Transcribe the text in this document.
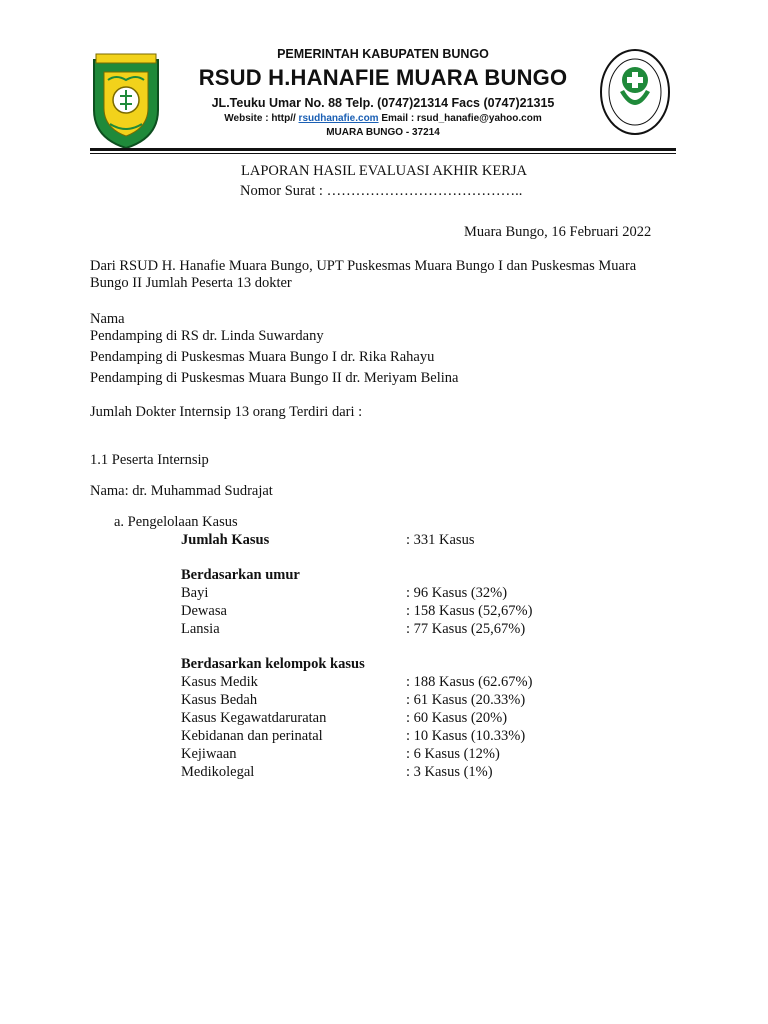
PEMERINTAH KABUPATEN BUNGO
RSUD H.HANAFIE MUARA BUNGO
JL.Teuku Umar No. 88 Telp. (0747)21314 Facs (0747)21315
Website : http// rsudhanafie.com Email : rsud_hanafie@yahoo.com
MUARA BUNGO - 37214
LAPORAN HASIL EVALUASI AKHIR KERJA
Nomor Surat : …………………………………..
Muara Bungo, 16 Februari 2022
Dari RSUD H. Hanafie Muara Bungo, UPT Puskesmas Muara Bungo I dan Puskesmas Muara
Bungo II Jumlah Peserta 13 dokter
Nama
Pendamping di RS dr. Linda Suwardany
Pendamping di Puskesmas Muara Bungo I dr. Rika Rahayu
Pendamping di Puskesmas Muara Bungo II dr. Meriyam Belina
Jumlah Dokter Internsip 13 orang Terdiri dari :
1.1 Peserta Internsip
Nama: dr. Muhammad Sudrajat
a. Pengelolaan Kasus
Jumlah Kasus	: 331 Kasus
Berdasarkan umur
Bayi	: 96 Kasus (32%)
Dewasa	: 158 Kasus (52,67%)
Lansia	: 77 Kasus (25,67%)
Berdasarkan kelompok kasus
Kasus Medik	: 188 Kasus (62.67%)
Kasus Bedah	: 61 Kasus (20.33%)
Kasus Kegawatdaruratan	: 60 Kasus (20%)
Kebidanan dan perinatal	: 10 Kasus (10.33%)
Kejiwaan	: 6 Kasus (12%)
Medikolegal	: 3 Kasus (1%)
